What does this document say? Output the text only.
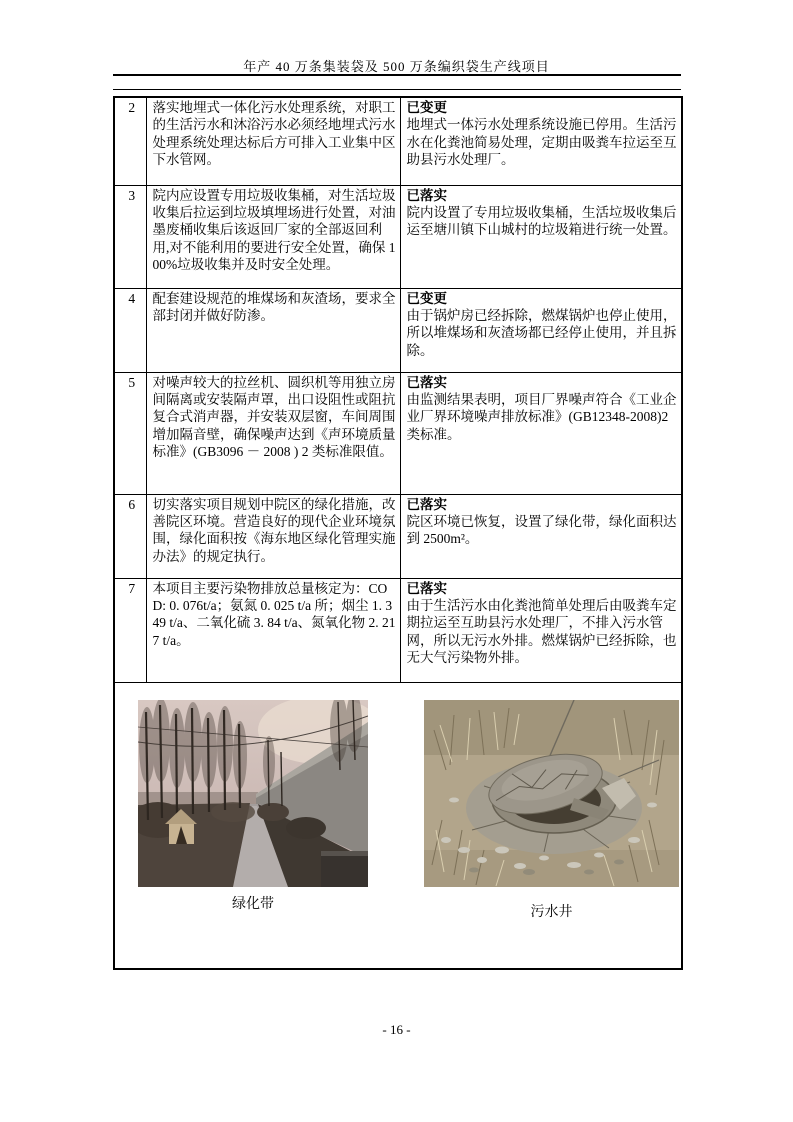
年产 40 万条集装袋及 500 万条编织袋生产线项目
2	落实地埋式一体化污水处理系统，对职工的生活污水和沐浴污水必须经地埋式污水处理系统处理达标后方可排入工业集中区下水管网。	已变更
地埋式一体污水处理系统设施已停用。生活污水在化粪池简易处理，定期由吸粪车拉运至互助县污水处理厂。

3	院内应设置专用垃圾收集桶，对生活垃圾收集后拉运到垃圾填埋场进行处置，对油墨废桶收集后该返回厂家的全部返回利用,对不能利用的要进行安全处置，确保 100%垃圾收集并及时安全处理。	已落实
院内设置了专用垃圾收集桶，生活垃圾收集后运至塘川镇下山城村的垃圾箱进行统一处置。

4	配套建设规范的堆煤场和灰渣场，要求全部封闭并做好防渗。	已变更
由于锅炉房已经拆除，燃煤锅炉也停止使用，所以堆煤场和灰渣场都已经停止使用，并且拆除。

5	对噪声较大的拉丝机、圆织机等用独立房间隔离或安装隔声罩，出口设阻性或阻抗复合式消声器，并安装双层窗，车间周围增加隔音壁，确保噪声达到《声环境质量标准》(GB3096 － 2008 ) 2 类标准限值。	已落实
由监测结果表明，项目厂界噪声符合《工业企业厂界环境噪声排放标准》(GB12348-2008)2 类标准。

6	切实落实项目规划中院区的绿化措施，改善院区环境。营造良好的现代企业环境氛围，绿化面积按《海东地区绿化管理实施办法》的规定执行。	已落实
院区环境已恢复，设置了绿化带，绿化面积达到 2500m²。

7	本项目主要污染物排放总量核定为：COD: 0. 076t/a；氨氮 0. 025 t/a 所；烟尘 1. 349 t/a、二氧化硫 3. 84 t/a、氮氧化物 2. 217 t/a。	已落实
由于生活污水由化粪池简单处理后由吸粪车定期拉运至互助县污水处理厂，不排入污水管网，所以无污水外排。燃煤锅炉已经拆除，也无大气污染物外排。

绿化带
污水井		
- 16 -
